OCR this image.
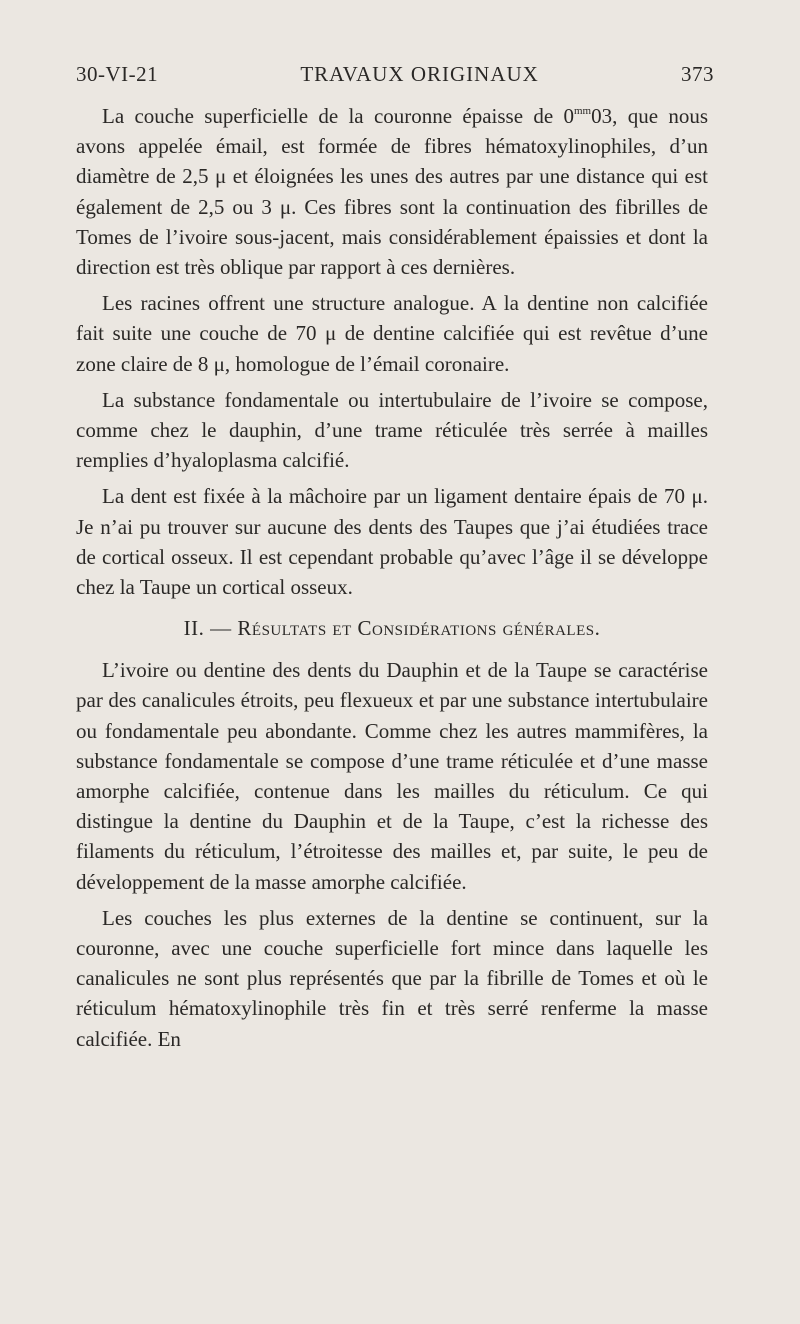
30-VI-21	TRAVAUX ORIGINAUX	373

La couche superficielle de la couronne épaisse de $0^{mm}03$, que nous avons appelée émail, est formée de fibres hématoxylinophiles, d’un diamètre de 2,5 μ et éloignées les unes des autres par une distance qui est également de 2,5 ou 3 μ. Ces fibres sont la continuation des fibrilles de Tomes de l’ivoire sous-jacent, mais considérablement épaissies et dont la direction est très oblique par rapport à ces dernières.

Les racines offrent une structure analogue. A la dentine non calcifiée fait suite une couche de 70 μ de dentine calcifiée qui est revêtue d’une zone claire de 8 μ, homologue de l’émail coronaire.

La substance fondamentale ou intertubulaire de l’ivoire se compose, comme chez le dauphin, d’une trame réticulée très serrée à mailles remplies d’hyaloplasma calcifié.

La dent est fixée à la mâchoire par un ligament dentaire épais de 70 μ. Je n’ai pu trouver sur aucune des dents des Taupes que j’ai étudiées trace de cortical osseux. Il est cependant probable qu’avec l’âge il se développe chez la Taupe un cortical osseux.

II. — Résultats et Considérations générales.

L’ivoire ou dentine des dents du Dauphin et de la Taupe se caractérise par des canalicules étroits, peu flexueux et par une substance intertubulaire ou fondamentale peu abondante. Comme chez les autres mammifères, la substance fondamentale se compose d’une trame réticulée et d’une masse amorphe calcifiée, contenue dans les mailles du réticulum. Ce qui distingue la dentine du Dauphin et de la Taupe, c’est la richesse des filaments du réticulum, l’étroitesse des mailles et, par suite, le peu de développement de la masse amorphe calcifiée.

Les couches les plus externes de la dentine se continuent, sur la couronne, avec une couche superficielle fort mince dans laquelle les canalicules ne sont plus représentés que par la fibrille de Tomes et où le réticulum hématoxylinophile très fin et très serré renferme la masse calcifiée. En
